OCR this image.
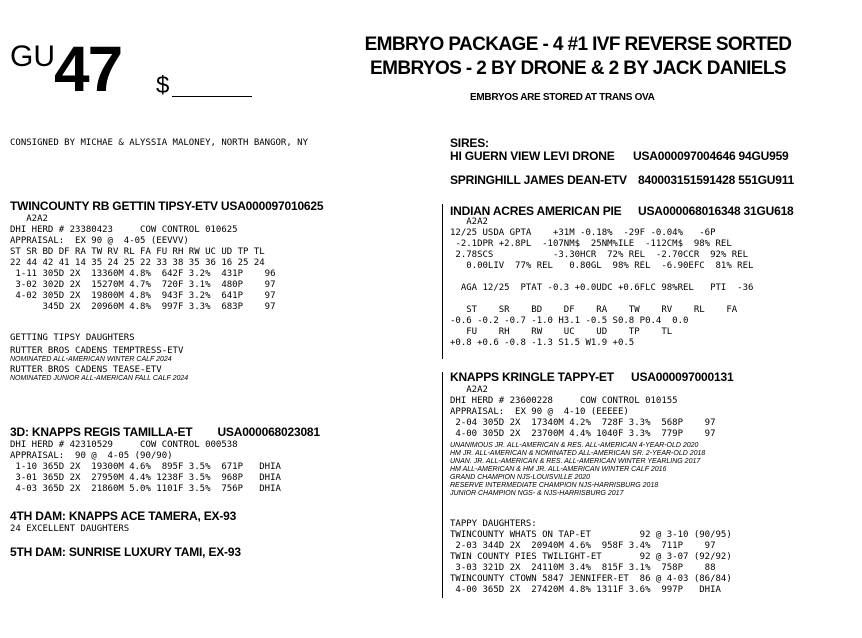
GU 47 $
EMBRYO PACKAGE - 4 #1 IVF REVERSE SORTED
EMBRYOS - 2 BY DRONE & 2 BY JACK DANIELS
EMBRYOS ARE STORED AT TRANS OVA
CONSIGNED BY MICHAE & ALYSSIA MALONEY, NORTH BANGOR, NY
TWINCOUNTY RB GETTIN TIPSY-ETV USA000097010625
A2A2
DHI HERD # 23380423     COW CONTROL 010625
APPRAISAL:  EX 90 @  4-05 (EEVVV)
ST SR BD DF RA TW RV RL FA FU RH RW UC UD TP TL
22 44 42 41 14 35 24 25 22 33 38 35 36 16 25 24
1-11 305D 2X  13360M 4.8%  642F 3.2%  431P    96
3-02 302D 2X  15270M 4.7%  720F 3.1%  480P    97
4-02 305D 2X  19800M 4.8%  943F 3.2%  641P    97
345D 2X  20960M 4.8%  997F 3.3%  683P    97
GETTING TIPSY DAUGHTERS
RUTTER BROS CADENS TEMPTRESS-ETV
NOMINATED ALL-AMERICAN WINTER CALF 2024
RUTTER BROS CADENS TEASE-ETV
NOMINATED JUNIOR ALL-AMERICAN FALL CALF 2024
3D: KNAPPS REGIS TAMILLA-ET        USA000068023081
DHI HERD # 42310529     COW CONTROL 000538
APPRAISAL:  90 @  4-05 (90/90)
1-10 365D 2X  19300M 4.6%  895F 3.5%  671P   DHIA
3-01 365D 2X  27950M 4.4% 1238F 3.5%  968P   DHIA
4-03 365D 2X  21860M 5.0% 1101F 3.5%  756P   DHIA
4TH DAM: KNAPPS ACE TAMERA, EX-93
24 EXCELLENT DAUGHTERS
5TH DAM: SUNRISE LUXURY TAMI, EX-93
SIRES:
HI GUERN VIEW LEVI DRONE USA000097004646 94GU959
SPRINGHILL JAMES DEAN-ETV 840003151591428 551GU911
INDIAN ACRES AMERICAN PIE USA000068016348 31GU618
A2A2
12/25 USDA GPTA    +31M -0.18%  -29F -0.04%   -6P
-2.1DPR +2.8PL  -107NM$  25NM%ILE  -112CM$  98% REL
2.78SCS           -3.30HCR  72% REL  -2.70CCR  92% REL
0.00LIV  77% REL   0.80GL  98% REL  -6.90EFC  81% REL
AGA 12/25  PTAT -0.3 +0.0UDC +0.6FLC 98%REL   PTI  -36
ST    SR    BD    DF    RA    TW    RV    RL    FA
-0.6 -0.2 -0.7 -1.0 H3.1 -0.5 S0.8 P0.4  0.0
FU    RH    RW    UC    UD    TP    TL
+0.8 +0.6 -0.8 -1.3 S1.5 W1.9 +0.5
KNAPPS KRINGLE TAPPY-ET USA000097000131
A2A2
DHI HERD # 23600228     COW CONTROL 010155
APPRAISAL:  EX 90 @  4-10 (EEEEE)
2-04 305D 2X  17340M 4.2%  728F 3.3%  568P    97
4-00 305D 2X  23700M 4.4% 1040F 3.3%  779P    97
UNANIMOUS JR. ALL-AMERICAN & RES. ALL-AMERICAN 4-YEAR-OLD 2020
HM JR. ALL-AMERICAN & NOMINATED ALL-AMERICAN SR. 2-YEAR-OLD 2018
UNAN. JR. ALL-AMERICAN & RES. ALL-AMERICAN WINTER YEARLING 2017
HM ALL-AMERICAN & HM JR. ALL-AMERICAN WINTER CALF 2016
GRAND CHAMPION NJS-LOUISVILLE 2020
RESERVE INTERMEDIATE CHAMPION NJS-HARRISBURG 2018
JUNIOR CHAMPION NGS- & NJS-HARRISBURG 2017
TAPPY DAUGHTERS:
TWINCOUNTY WHATS ON TAP-ET         92 @ 3-10 (90/95)
2-03 344D 2X  20940M 4.6%  958F 3.4%  711P    97
TWIN COUNTY PIES TWILIGHT-ET       92 @ 3-07 (92/92)
3-03 321D 2X  24110M 3.4%  815F 3.1%  758P    88
TWINCOUNTY CTOWN 5847 JENNIFER-ET  86 @ 4-03 (86/84)
4-00 365D 2X  27420M 4.8% 1311F 3.6%  997P   DHIA
